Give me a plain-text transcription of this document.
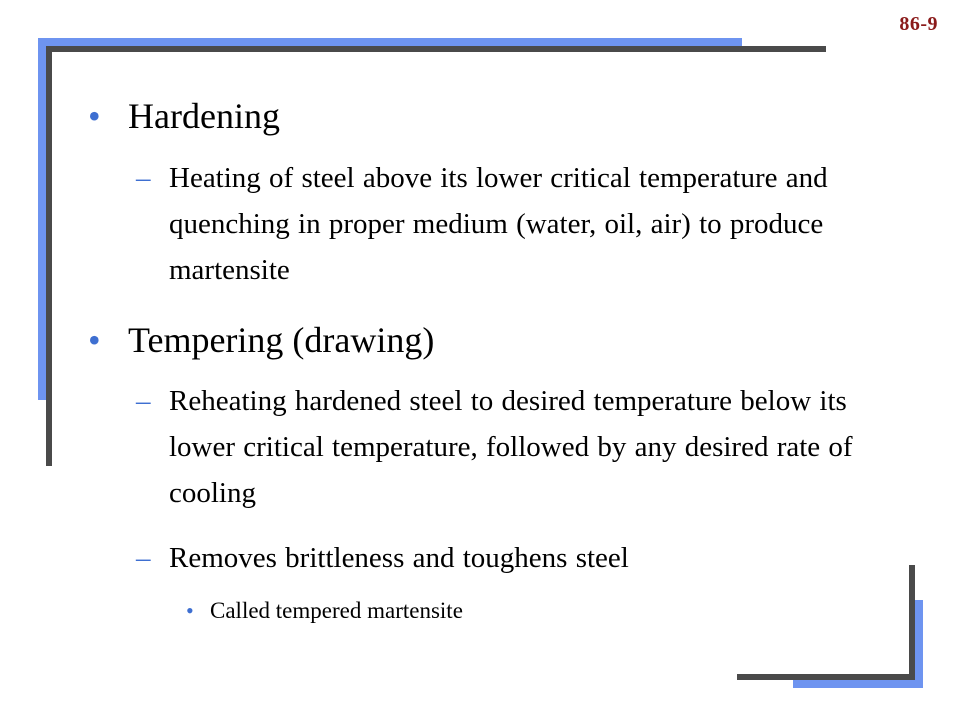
86-9
• Hardening
– Heating of steel above its lower critical temperature and quenching in proper medium (water, oil, air) to produce martensite
• Tempering (drawing)
– Reheating hardened steel to desired temperature below its lower critical temperature, followed by any desired rate of cooling
– Removes brittleness and toughens steel
• Called tempered martensite
